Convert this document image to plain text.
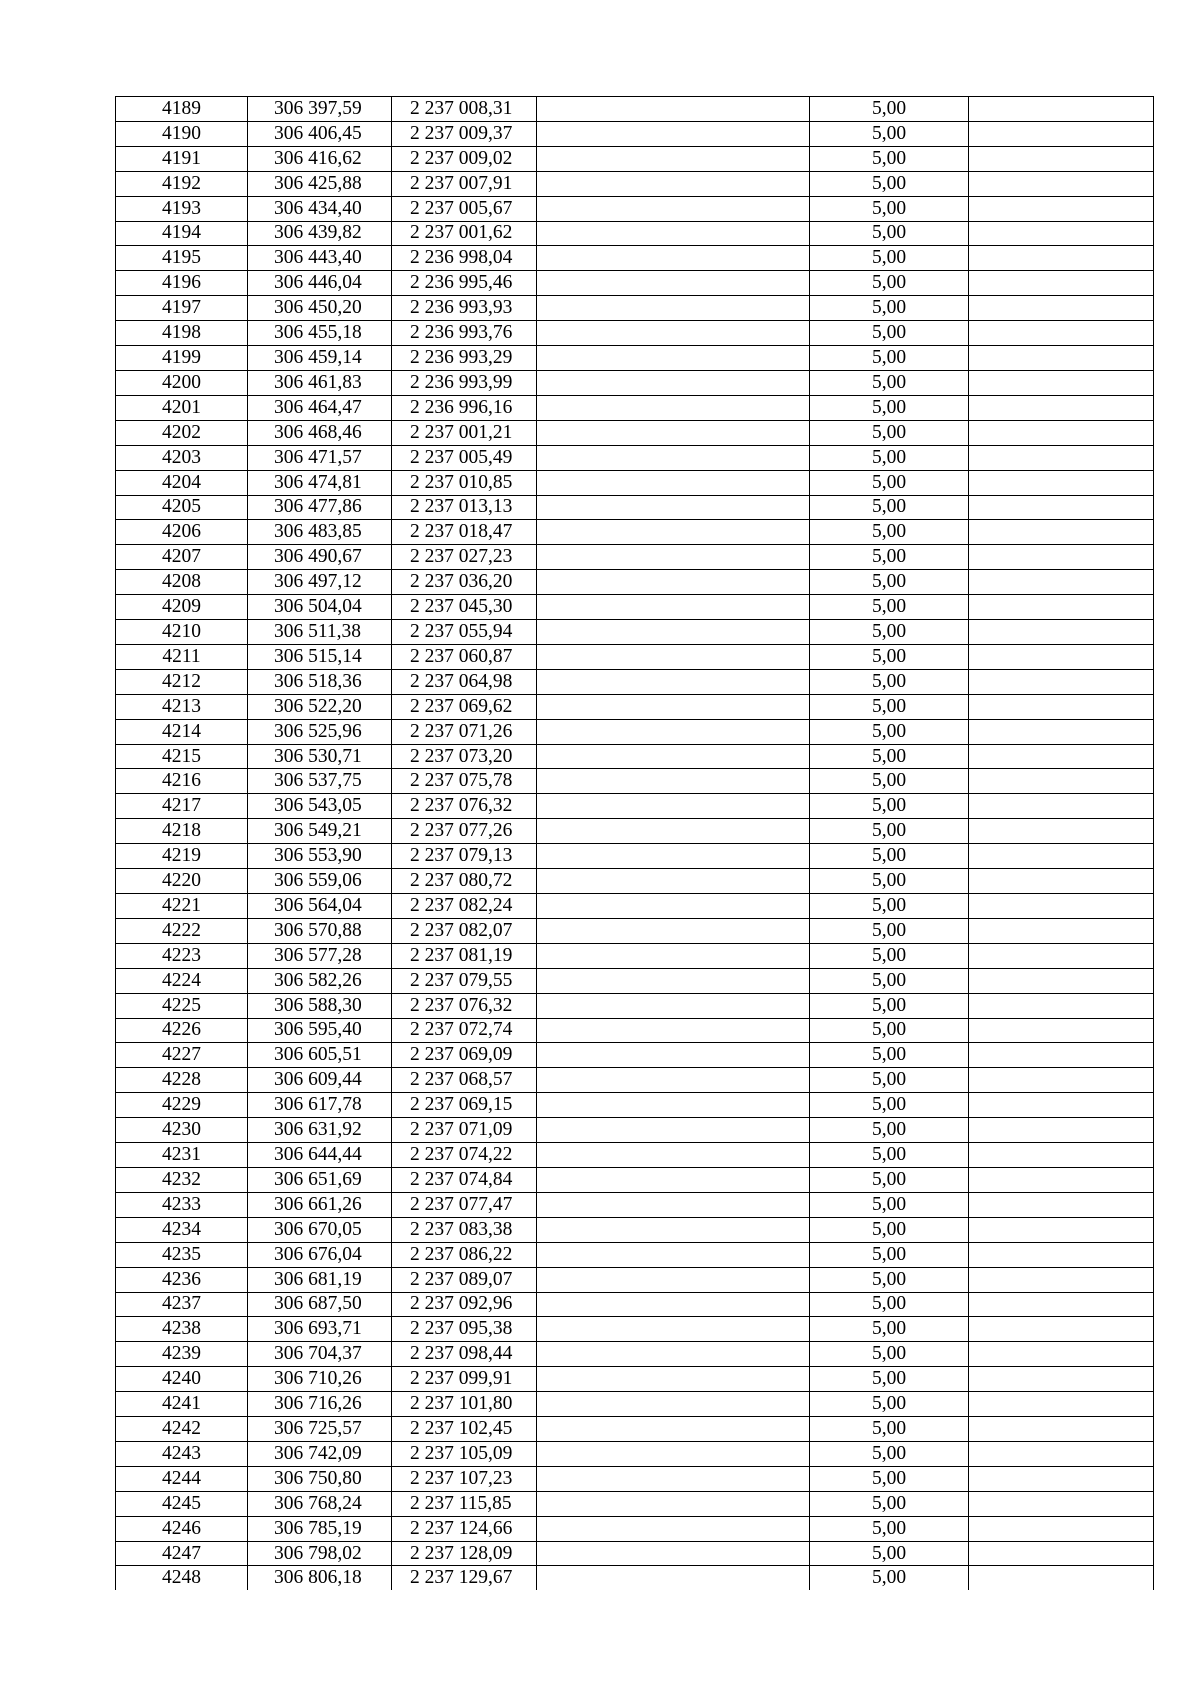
4189	306 397,59	2 237 008,31		5,00	
4190	306 406,45	2 237 009,37		5,00	
4191	306 416,62	2 237 009,02		5,00	
4192	306 425,88	2 237 007,91		5,00	
4193	306 434,40	2 237 005,67		5,00	
4194	306 439,82	2 237 001,62		5,00	
4195	306 443,40	2 236 998,04		5,00	
4196	306 446,04	2 236 995,46		5,00	
4197	306 450,20	2 236 993,93		5,00	
4198	306 455,18	2 236 993,76		5,00	
4199	306 459,14	2 236 993,29		5,00	
4200	306 461,83	2 236 993,99		5,00	
4201	306 464,47	2 236 996,16		5,00	
4202	306 468,46	2 237 001,21		5,00	
4203	306 471,57	2 237 005,49		5,00	
4204	306 474,81	2 237 010,85		5,00	
4205	306 477,86	2 237 013,13		5,00	
4206	306 483,85	2 237 018,47		5,00	
4207	306 490,67	2 237 027,23		5,00	
4208	306 497,12	2 237 036,20		5,00	
4209	306 504,04	2 237 045,30		5,00	
4210	306 511,38	2 237 055,94		5,00	
4211	306 515,14	2 237 060,87		5,00	
4212	306 518,36	2 237 064,98		5,00	
4213	306 522,20	2 237 069,62		5,00	
4214	306 525,96	2 237 071,26		5,00	
4215	306 530,71	2 237 073,20		5,00	
4216	306 537,75	2 237 075,78		5,00	
4217	306 543,05	2 237 076,32		5,00	
4218	306 549,21	2 237 077,26		5,00	
4219	306 553,90	2 237 079,13		5,00	
4220	306 559,06	2 237 080,72		5,00	
4221	306 564,04	2 237 082,24		5,00	
4222	306 570,88	2 237 082,07		5,00	
4223	306 577,28	2 237 081,19		5,00	
4224	306 582,26	2 237 079,55		5,00	
4225	306 588,30	2 237 076,32		5,00	
4226	306 595,40	2 237 072,74		5,00	
4227	306 605,51	2 237 069,09		5,00	
4228	306 609,44	2 237 068,57		5,00	
4229	306 617,78	2 237 069,15		5,00	
4230	306 631,92	2 237 071,09		5,00	
4231	306 644,44	2 237 074,22		5,00	
4232	306 651,69	2 237 074,84		5,00	
4233	306 661,26	2 237 077,47		5,00	
4234	306 670,05	2 237 083,38		5,00	
4235	306 676,04	2 237 086,22		5,00	
4236	306 681,19	2 237 089,07		5,00	
4237	306 687,50	2 237 092,96		5,00	
4238	306 693,71	2 237 095,38		5,00	
4239	306 704,37	2 237 098,44		5,00	
4240	306 710,26	2 237 099,91		5,00	
4241	306 716,26	2 237 101,80		5,00	
4242	306 725,57	2 237 102,45		5,00	
4243	306 742,09	2 237 105,09		5,00	
4244	306 750,80	2 237 107,23		5,00	
4245	306 768,24	2 237 115,85		5,00	
4246	306 785,19	2 237 124,66		5,00	
4247	306 798,02	2 237 128,09		5,00	
4248	306 806,18	2 237 129,67		5,00	
